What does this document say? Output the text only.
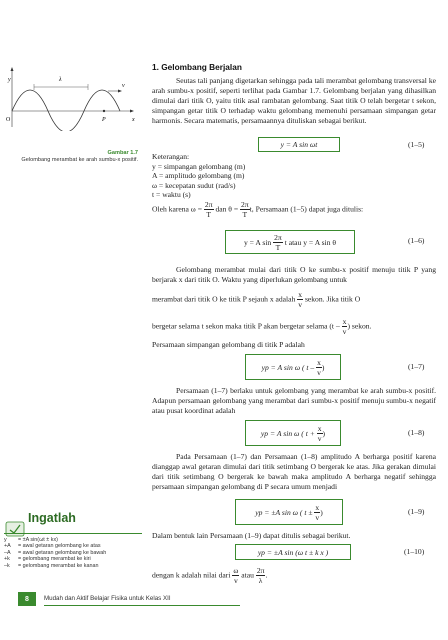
y
x
O	P
λ
v
Gambar 1.7
Gelombang merambat ke arah sumbu-x positif.
Ingatlah
y	= ±A sin(ωt ± kx)
+A	= awal getaran gelombang ke atas
–A	= awal getaran gelombang ke bawah
+k	= gelombang merambat ke kiri
–k	= gelombang merambat ke kanan
1. Gelombang Berjalan
Seutas tali panjang digetarkan sehingga pada tali merambat gelombang transversal ke arah sumbu-x positif, seperti terlihat pada Gambar 1.7. Gelombang berjalan yang dihasilkan dimulai dari titik O, yaitu titik asal rambatan gelombang. Saat titik O telah bergetar t sekon, simpangan getar titik O terhadap waktu gelombang memenuhi persamaan simpangan getar harmonis. Secara matematis, persamaannya dituliskan sebagai berikut.
y = A sin ωt	(1–5)
Keterangan:
y = simpangan gelombang (m)
A = amplitudo gelombang (m)
ω = kecepatan sudut (rad/s)
t = waktu (s)
Oleh karena $\omega = \frac{2\pi}{T}$ dan $\theta = \frac{2\pi}{T} t$, Persamaan (1–5) dapat juga ditulis:
y = A sin
$\frac{2\pi}{T}$
t atau y = A sin θ	(1–6)
Gelombang merambat mulai dari titik O ke sumbu-x positif menuju titik P yang berjarak x dari titik O. Waktu yang diperlukan gelombang untuk
merambat dari titik O ke titik P sejauh x adalah $\frac{x}{v}$ sekon. Jika titik O
bergetar selama t sekon maka titik P akan bergetar selama ($t - \frac{x}{v}$ ) sekon.
Persamaan simpangan gelombang di titik P adalah
yp = A sin ω ( t –
$\frac{x}{v}$ )	(1–7)
Persamaan (1–7) berlaku untuk gelombang yang merambat ke arah sumbu-x positif. Adapun persamaan gelombang yang merambat dari sumbu-x positif menuju sumbu-x negatif atau pusat koordinat adalah
yp = A sin ω ( t +
$\frac{x}{v}$ )	(1–8)
Pada Persamaan (1–7) dan Persamaan (1–8) amplitudo A berharga positif karena dianggap awal getaran dimulai dari titik setimbang O bergerak ke atas. Jika gerakan dimulai dari titik setimbang O bergerak ke bawah maka amplitudo A berharga negatif sehingga persamaan simpangan gelombang di P secara umum menjadi
yp = ±A sin ω ( t ±
$\frac{x}{v}$ )	(1–9)
Dalam bentuk lain Persamaan (1–9) dapat ditulis sebagai berikut.
yp = ±A sin (ω t ± k x )	(1–10)
dengan k adalah nilai dari $\frac{\omega}{v}$ atau $\frac{2\pi}{\lambda}$ .
8	Mudah dan Aktif Belajar Fisika untuk Kelas XII
